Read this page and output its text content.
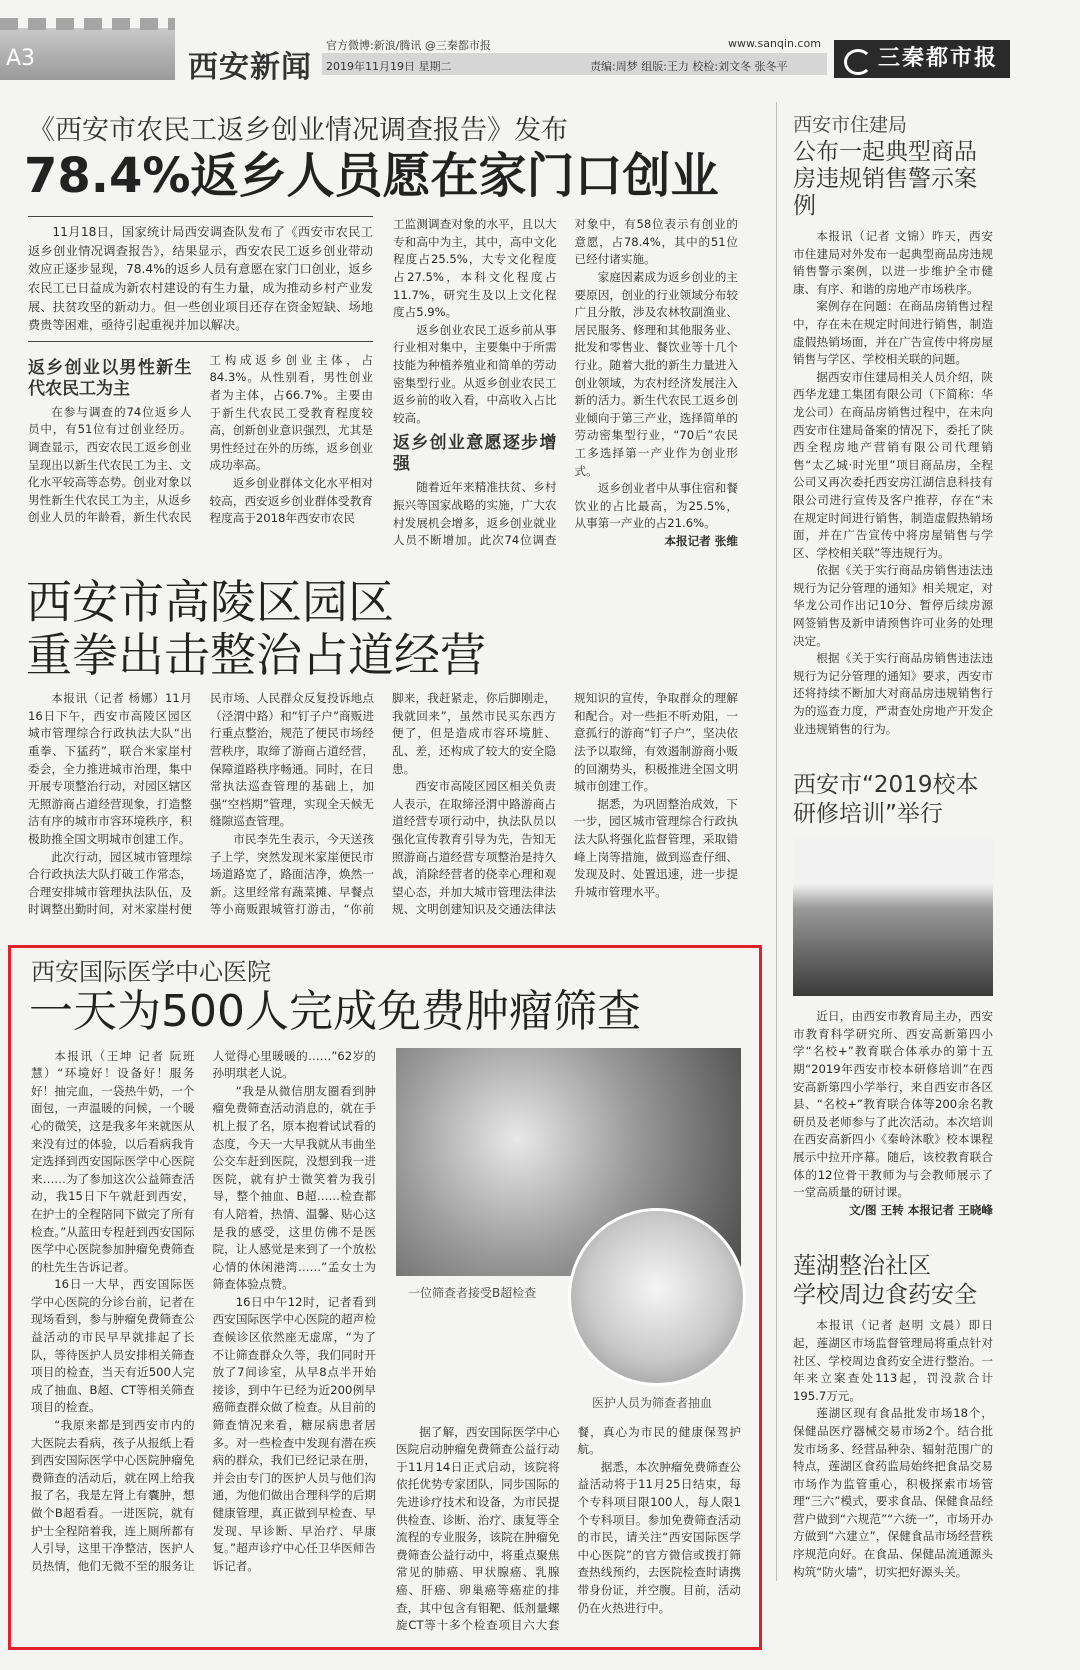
A3	西安新闻
官方微博:新浪/腾讯 @三秦都市报
2019年11月19日 星期二
www.sanqin.com
责编:周梦 组版:王力 校检:刘文冬 张冬平	三秦都市报
《西安市农民工返乡创业情况调查报告》发布
78.4%返乡人员愿在家门口创业

11月18日，国家统计局西安调查队发布了《西安市农民工返乡创业情况调查报告》，结果显示，西安农民工返乡创业带动效应正逐步显现，78.4%的返乡人员有意愿在家门口创业，返乡农民工已日益成为新农村建设的有生力量，成为推动乡村产业发展、扶贫攻坚的新动力。但一些创业项目还存在资金短缺、场地费贵等困难，亟待引起重视并加以解决。

返乡创业以男性新生代农民工为主

在参与调查的74位返乡人员中，有51位有过创业经历。调查显示，西安农民工返乡创业呈现出以新生代农民工为主、文化水平较高等态势。创业对象以男性新生代农民工为主，从返乡创业人员的年龄看，新生代农民工构成返乡创业主体，占84.3%。从性别看，男性创业者为主体，占66.7%。主要由于新生代农民工受教育程度较高，创新创业意识强烈，尤其是男性经过在外的历练，返乡创业成功率高。

返乡创业群体文化水平相对较高，西安返乡创业群体受教育程度高于2018年西安市农民

工监测调查对象的水平，且以大专和高中为主，其中，高中文化程度占25.5%，大专文化程度占27.5%，本科文化程度占11.7%，研究生及以上文化程度占5.9%。

返乡创业农民工返乡前从事行业相对集中，主要集中于所需技能为种植养殖业和简单的劳动密集型行业。从返乡创业农民工返乡前的收入看，中高收入占比较高。

返乡创业意愿逐步增强

随着近年来精准扶贫、乡村振兴等国家战略的实施，广大农村发展机会增多，返乡创业就业人员不断增加。此次74位调查对象中，有58位表示有创业的意愿，占78.4%，其中的51位已经付诸实施。

家庭因素成为返乡创业的主要原因，创业的行业领域分布较广且分散，涉及农林牧副渔业、居民服务、修理和其他服务业、批发和零售业、餐饮业等十几个行业。随着大批的新生力量进入创业领域，为农村经济发展注入新的活力。新生代农民工返乡创业倾向于第三产业，选择简单的劳动密集型行业，“70后”农民工多选择第一产业作为创业形式。

返乡创业者中从事住宿和餐饮业的占比最高，为25.5%，从事第一产业的占21.6%。

本报记者 张维

西安市高陵区园区
重拳出击整治占道经营

本报讯（记者 杨娜）11月16日下午，西安市高陵区园区城市管理综合行政执法大队“出重拳、下猛药”，联合米家崖村委会，全力推进城市治理，集中开展专项整治行动，对园区辖区无照游商占道经营现象，打造整洁有序的城市市容环境秩序，积极助推全国文明城市创建工作。

此次行动，园区城市管理综合行政执法大队打破工作常态，合理安排城市管理执法队伍，及时调整出勤时间，对米家崖村便民市场、人民群众反复投诉地点（泾渭中路）和“钉子户”商贩进行重点整治，规范了便民市场经营秩序，取缔了游商占道经营，保障道路秩序畅通。同时，在日常执法巡查管理的基础上，加强“空档期”管理，实现全天候无缝隙巡查管理。

市民李先生表示，今天送孩子上学，突然发现米家崖便民市场道路宽了，路面洁净，焕然一新。这里经常有蔬菜摊、早餐点等小商贩跟城管打游击，“你前脚来，我赶紧走，你后脚刚走，我就回来”，虽然市民买东西方便了，但是造成市容环境脏、乱、差，还构成了较大的安全隐患。

西安市高陵区园区相关负责人表示，在取缔泾渭中路游商占道经营专项行动中，执法队员以强化宣传教育引导为先，告知无照游商占道经营专项整治是持久战，消除经营者的侥幸心理和观望心态，并加大城市管理法律法规、文明创建知识及交通法律法规知识的宣传，争取群众的理解和配合。对一些拒不听劝阻，一意孤行的游商“钉子户”，坚决依法予以取缔，有效遏制游商小贩的回潮势头，积极推进全国文明城市创建工作。

据悉，为巩固整治成效，下一步，园区城市管理综合行政执法大队将强化监督管理，采取错峰上岗等措施，做到巡查仔细、发现及时、处置迅速，进一步提升城市管理水平。

西安国际医学中心医院
一天为500人完成免费肿瘤筛查

本报讯（王坤 记者 阮班慧）“环境好！设备好！服务好！抽完血，一袋热牛奶，一个面包，一声温暖的问候，一个暖心的微笑，这是我多年来就医从来没有过的体验，以后看病我肯定选择到西安国际医学中心医院来……为了参加这次公益筛查活动，我15日下午就赶到西安，在护士的全程陪同下做完了所有检查。”从蓝田专程赶到西安国际医学中心医院参加肿瘤免费筛查的杜先生告诉记者。

16日一大早，西安国际医学中心医院的分诊台前，记者在现场看到，参与肿瘤免费筛查公益活动的市民早早就排起了长队，等待医护人员安排相关筛查项目的检查，当天有近500人完成了抽血、B超、CT等相关筛查项目的检查。

“我原来都是到西安市内的大医院去看病，孩子从报纸上看到西安国际医学中心医院肿瘤免费筛查的活动后，就在网上给我报了名，我是左肾上有囊肿，想做个B超看看。一进医院，就有护士全程陪着我，连上厕所都有人引导，这里干净整洁，医护人员热情，他们无微不至的服务让人觉得心里暖暖的……”62岁的孙明琪老人说。

“我是从微信朋友圈看到肿瘤免费筛查活动消息的，就在手机上报了名，原本抱着试试看的态度，今天一大早我就从韦曲坐公交车赶到医院，没想到我一进医院，就有护士微笑着为我引导，整个抽血、B超……检查都有人陪着，热情、温馨、贴心这是我的感受，这里仿佛不是医院，让人感觉是来到了一个放松心情的休闲港湾……”孟女士为筛查体验点赞。

16日中午12时，记者看到西安国际医学中心医院的超声检查候诊区依然座无虚席，“为了不让筛查群众久等，我们同时开放了7间诊室，从早8点半开始接诊，到中午已经为近200例早癌筛查群众做了检查。从目前的筛查情况来看，糖尿病患者居多。对一些检查中发现有潜在疾病的群众，我们已经记录在册，并会由专门的医护人员与他们沟通，为他们做出合理科学的后期健康管理，真正做到早检查、早发现、早诊断、早治疗、早康复。”超声诊疗中心任卫华医师告诉记者。

一位筛查者接受B超检查
医护人员为筛查者抽血

据了解，西安国际医学中心医院启动肿瘤免费筛查公益行动于11月14日正式启动，该院将依托优势专家团队，同步国际的先进诊疗技术和设备，为市民提供检查、诊断、治疗、康复等全流程的专业服务，该院在肿瘤免费筛查公益行动中，将重点聚焦常见的肺癌、甲状腺癌、乳腺癌、肝癌、卵巢癌等癌症的排查，其中包含有钼靶、低剂量螺旋CT等十多个检查项目六大套餐，真心为市民的健康保驾护航。

据悉，本次肿瘤免费筛查公益活动将于11月25日结束，每个专科项目限100人，每人限1个专科项目。参加免费筛查活动的市民，请关注“西安国际医学中心医院”的官方微信或拨打筛查热线预约，去医院检查时请携带身份证，并空腹。目前，活动仍在火热进行中。

西安市住建局
公布一起典型商品房违规销售警示案例

本报讯（记者 文锦）昨天，西安市住建局对外发布一起典型商品房违规销售警示案例，以进一步维护全市健康、有序、和谐的房地产市场秩序。

案例存在问题：在商品房销售过程中，存在未在规定时间进行销售，制造虚假热销场面，并在广告宣传中将房屋销售与学区、学校相关联的问题。

据西安市住建局相关人员介绍，陕西华龙建工集团有限公司（下简称：华龙公司）在商品房销售过程中，在未向西安市住建局备案的情况下，委托了陕西全程房地产营销有限公司代理销售“太乙城·时光里”项目商品房，全程公司又再次委托西安房江湖信息科技有限公司进行宣传及客户推荐，存在“未在规定时间进行销售，制造虚假热销场面，并在广告宣传中将房屋销售与学区、学校相关联”等违规行为。

依据《关于实行商品房销售违法违规行为记分管理的通知》相关规定，对华龙公司作出记10分、暂停后续房源网签销售及新申请预售许可业务的处理决定。

根据《关于实行商品房销售违法违规行为记分管理的通知》要求，西安市还将持续不断加大对商品房违规销售行为的巡查力度，严肃查处房地产开发企业违规销售的行为。

西安市“2019校本
研修培训”举行

近日，由西安市教育局主办，西安市教育科学研究所、西安高新第四小学“名校+”教育联合体承办的第十五期“2019年西安市校本研修培训”在西安高新第四小学举行，来自西安市各区县、“名校+”教育联合体等200余名教研员及老师参与了此次活动。本次培训在西安高新四小《秦岭沐歌》校本课程展示中拉开序幕。随后，该校教育联合体的12位骨干教师为与会教师展示了一堂高质量的研讨课。

文/图 王转 本报记者 王晓峰

莲湖整治社区
学校周边食药安全

本报讯（记者 赵明 文晨）即日起，莲湖区市场监督管理局将重点针对社区、学校周边食药安全进行整治。一年来立案查处113起，罚没款合计195.7万元。

莲湖区现有食品批发市场18个，保健品医疗器械交易市场2个。结合批发市场多、经营品种杂、辐射范围广的特点，莲湖区食药监局始终把食品交易市场作为监管重心，积极探索市场管理“三六”模式，要求食品、保健食品经营户做到“六规范”“六统一”，市场开办方做到“六建立”，保健食品市场经营秩序规范向好。在食品、保健品流通源头构筑“防火墙”，切实把好源头关。
